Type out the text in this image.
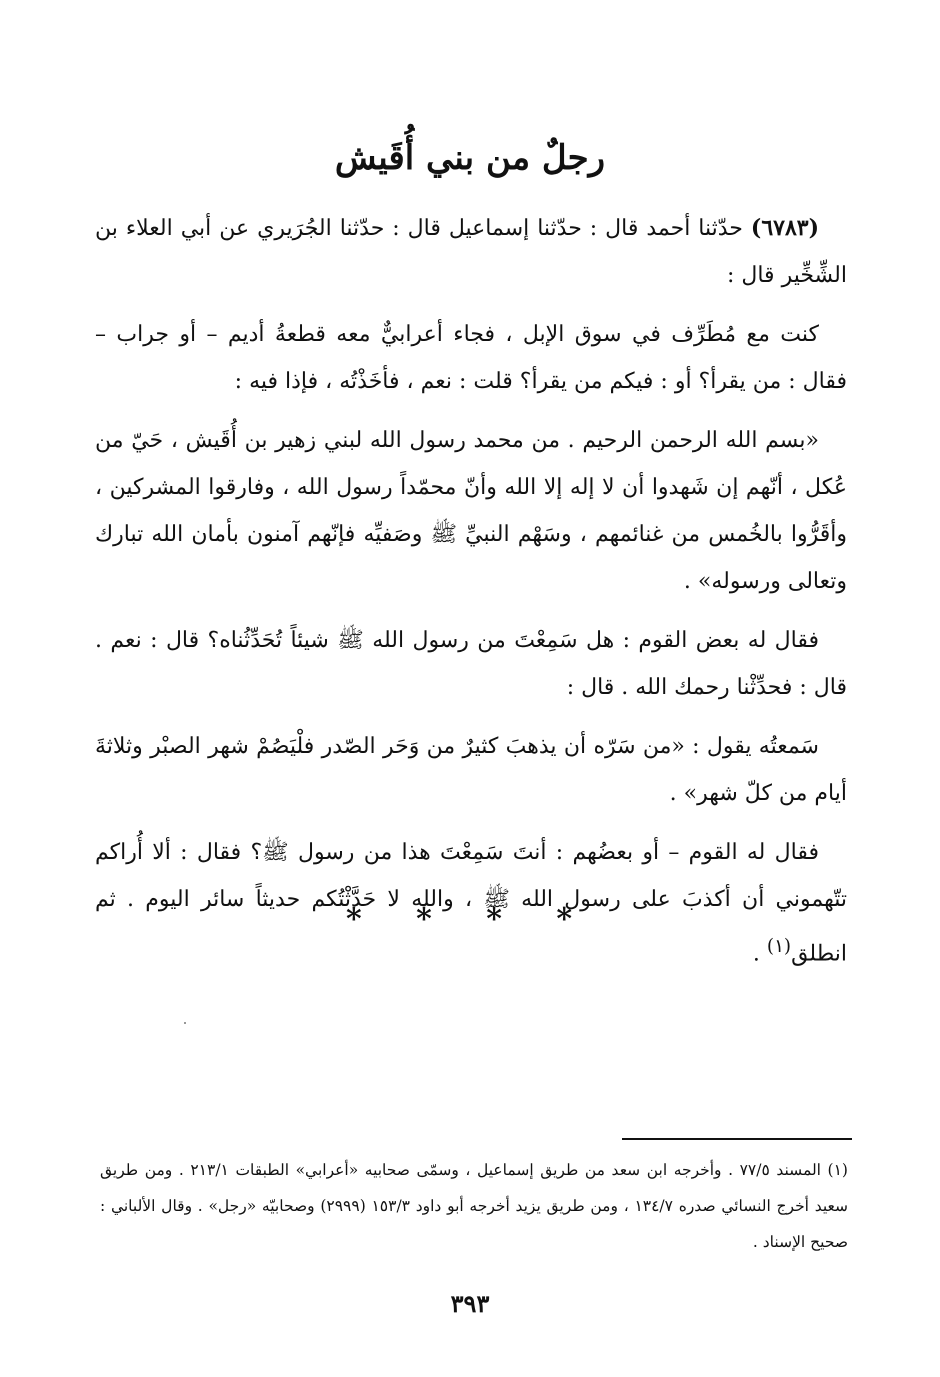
رجلٌ من بني أُقَيش

(٦٧٨٣) حدّثنا أحمد قال : حدّثنا إسماعيل قال : حدّثنا الجُرَيري عن أبي العلاء بن الشِّخِّير قال :

كنت مع مُطَرِّف في سوق الإبل ، فجاء أعرابيٌّ معه قطعةُ أديم – أو جراب – فقال : من يقرأ؟ أو : فيكم من يقرأ؟ قلت : نعم ، فأخَذْتُه ، فإذا فيه :

«بسم الله الرحمن الرحيم . من محمد رسول الله لبني زهير بن أُقَيش ، حَيّ من عُكل ، أنّهم إن شَهدوا أن لا إله إلا الله وأنّ محمّداً رسول الله ، وفارقوا المشركين ، وأقَرُّوا بالخُمس من غنائمهم ، وسَهْم النبيِّ ﷺ وصَفيِّه فإنّهم آمنون بأمان الله تبارك وتعالى ورسوله» .

فقال له بعض القوم : هل سَمِعْتَ من رسول الله ﷺ شيئاً تُحَدِّثُناه؟ قال : نعم . قال : فحدِّثْنا رحمك الله . قال :

سَمعتُه يقول : «من سَرّه أن يذهبَ كثيرٌ من وَحَر الصّدر فلْيَصُمْ شهر الصبْر وثلاثةَ أيام من كلّ شهر» .

فقال له القوم – أو بعضُهم : أنتَ سَمِعْتَ هذا من رسول ﷺ؟ فقال : ألا أُراكم تتّهموني أن أكذبَ على رسول الله ﷺ ، والله لا حَدَّثْتُكم حديثاً سائر اليوم . ثم انطلق$^{(١)}$ .

* * * *

(١) المسند ٧٧/٥ . وأخرجه ابن سعد من طريق إسماعيل ، وسمّى صحابيه «أعرابي» الطبقات ٢١٣/١ . ومن طريق سعيد أخرج النسائي صدره ١٣٤/٧ ، ومن طريق يزيد أخرجه أبو داود ١٥٣/٣ (٢٩٩٩) وصحابيّه «رجل» . وقال الألباني : صحيح الإسناد .

٣٩٣
